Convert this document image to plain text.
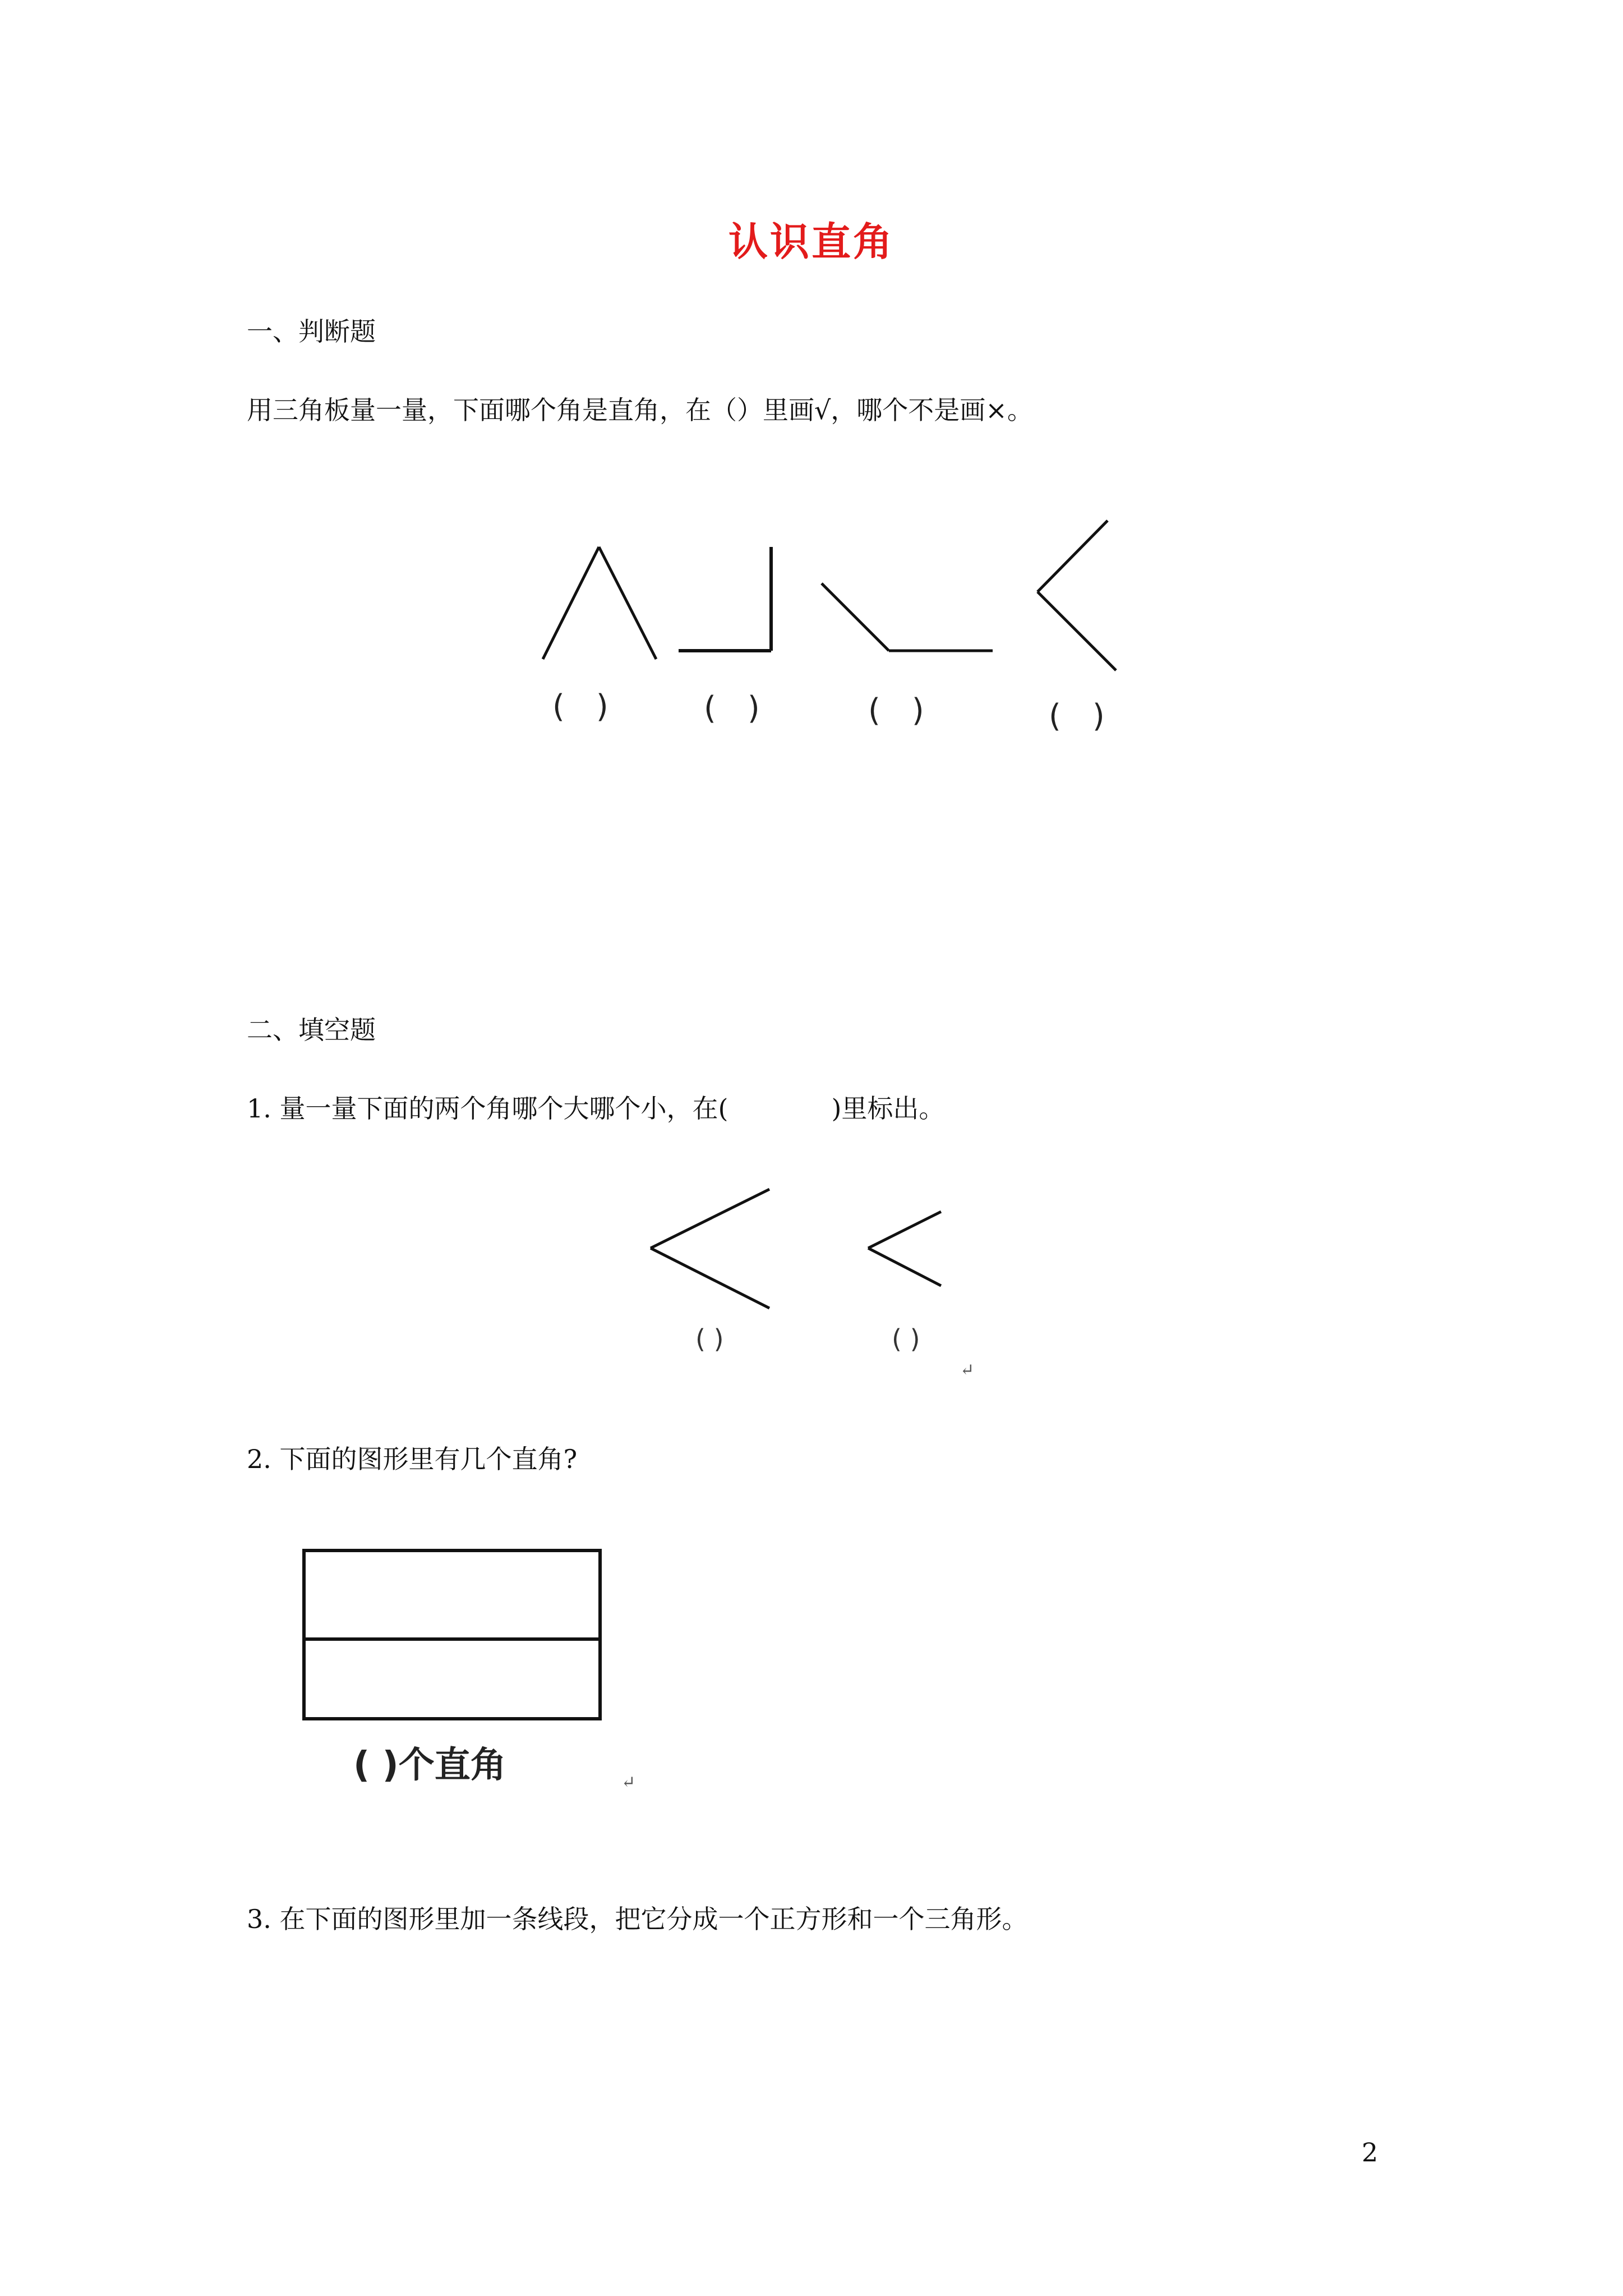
认识直角
一、判断题
用三角板量一量，下面哪个角是直角，在（）里画√，哪个不是画×。
(　)	(　)	(　)	(　)
二、填空题
1. 量一量下面的两个角哪个大哪个小，在(　　　　)里标出。
( )	( )
↵
2. 下面的图形里有几个直角?
( )个直角	↵
3. 在下面的图形里加一条线段，把它分成一个正方形和一个三角形。
2
